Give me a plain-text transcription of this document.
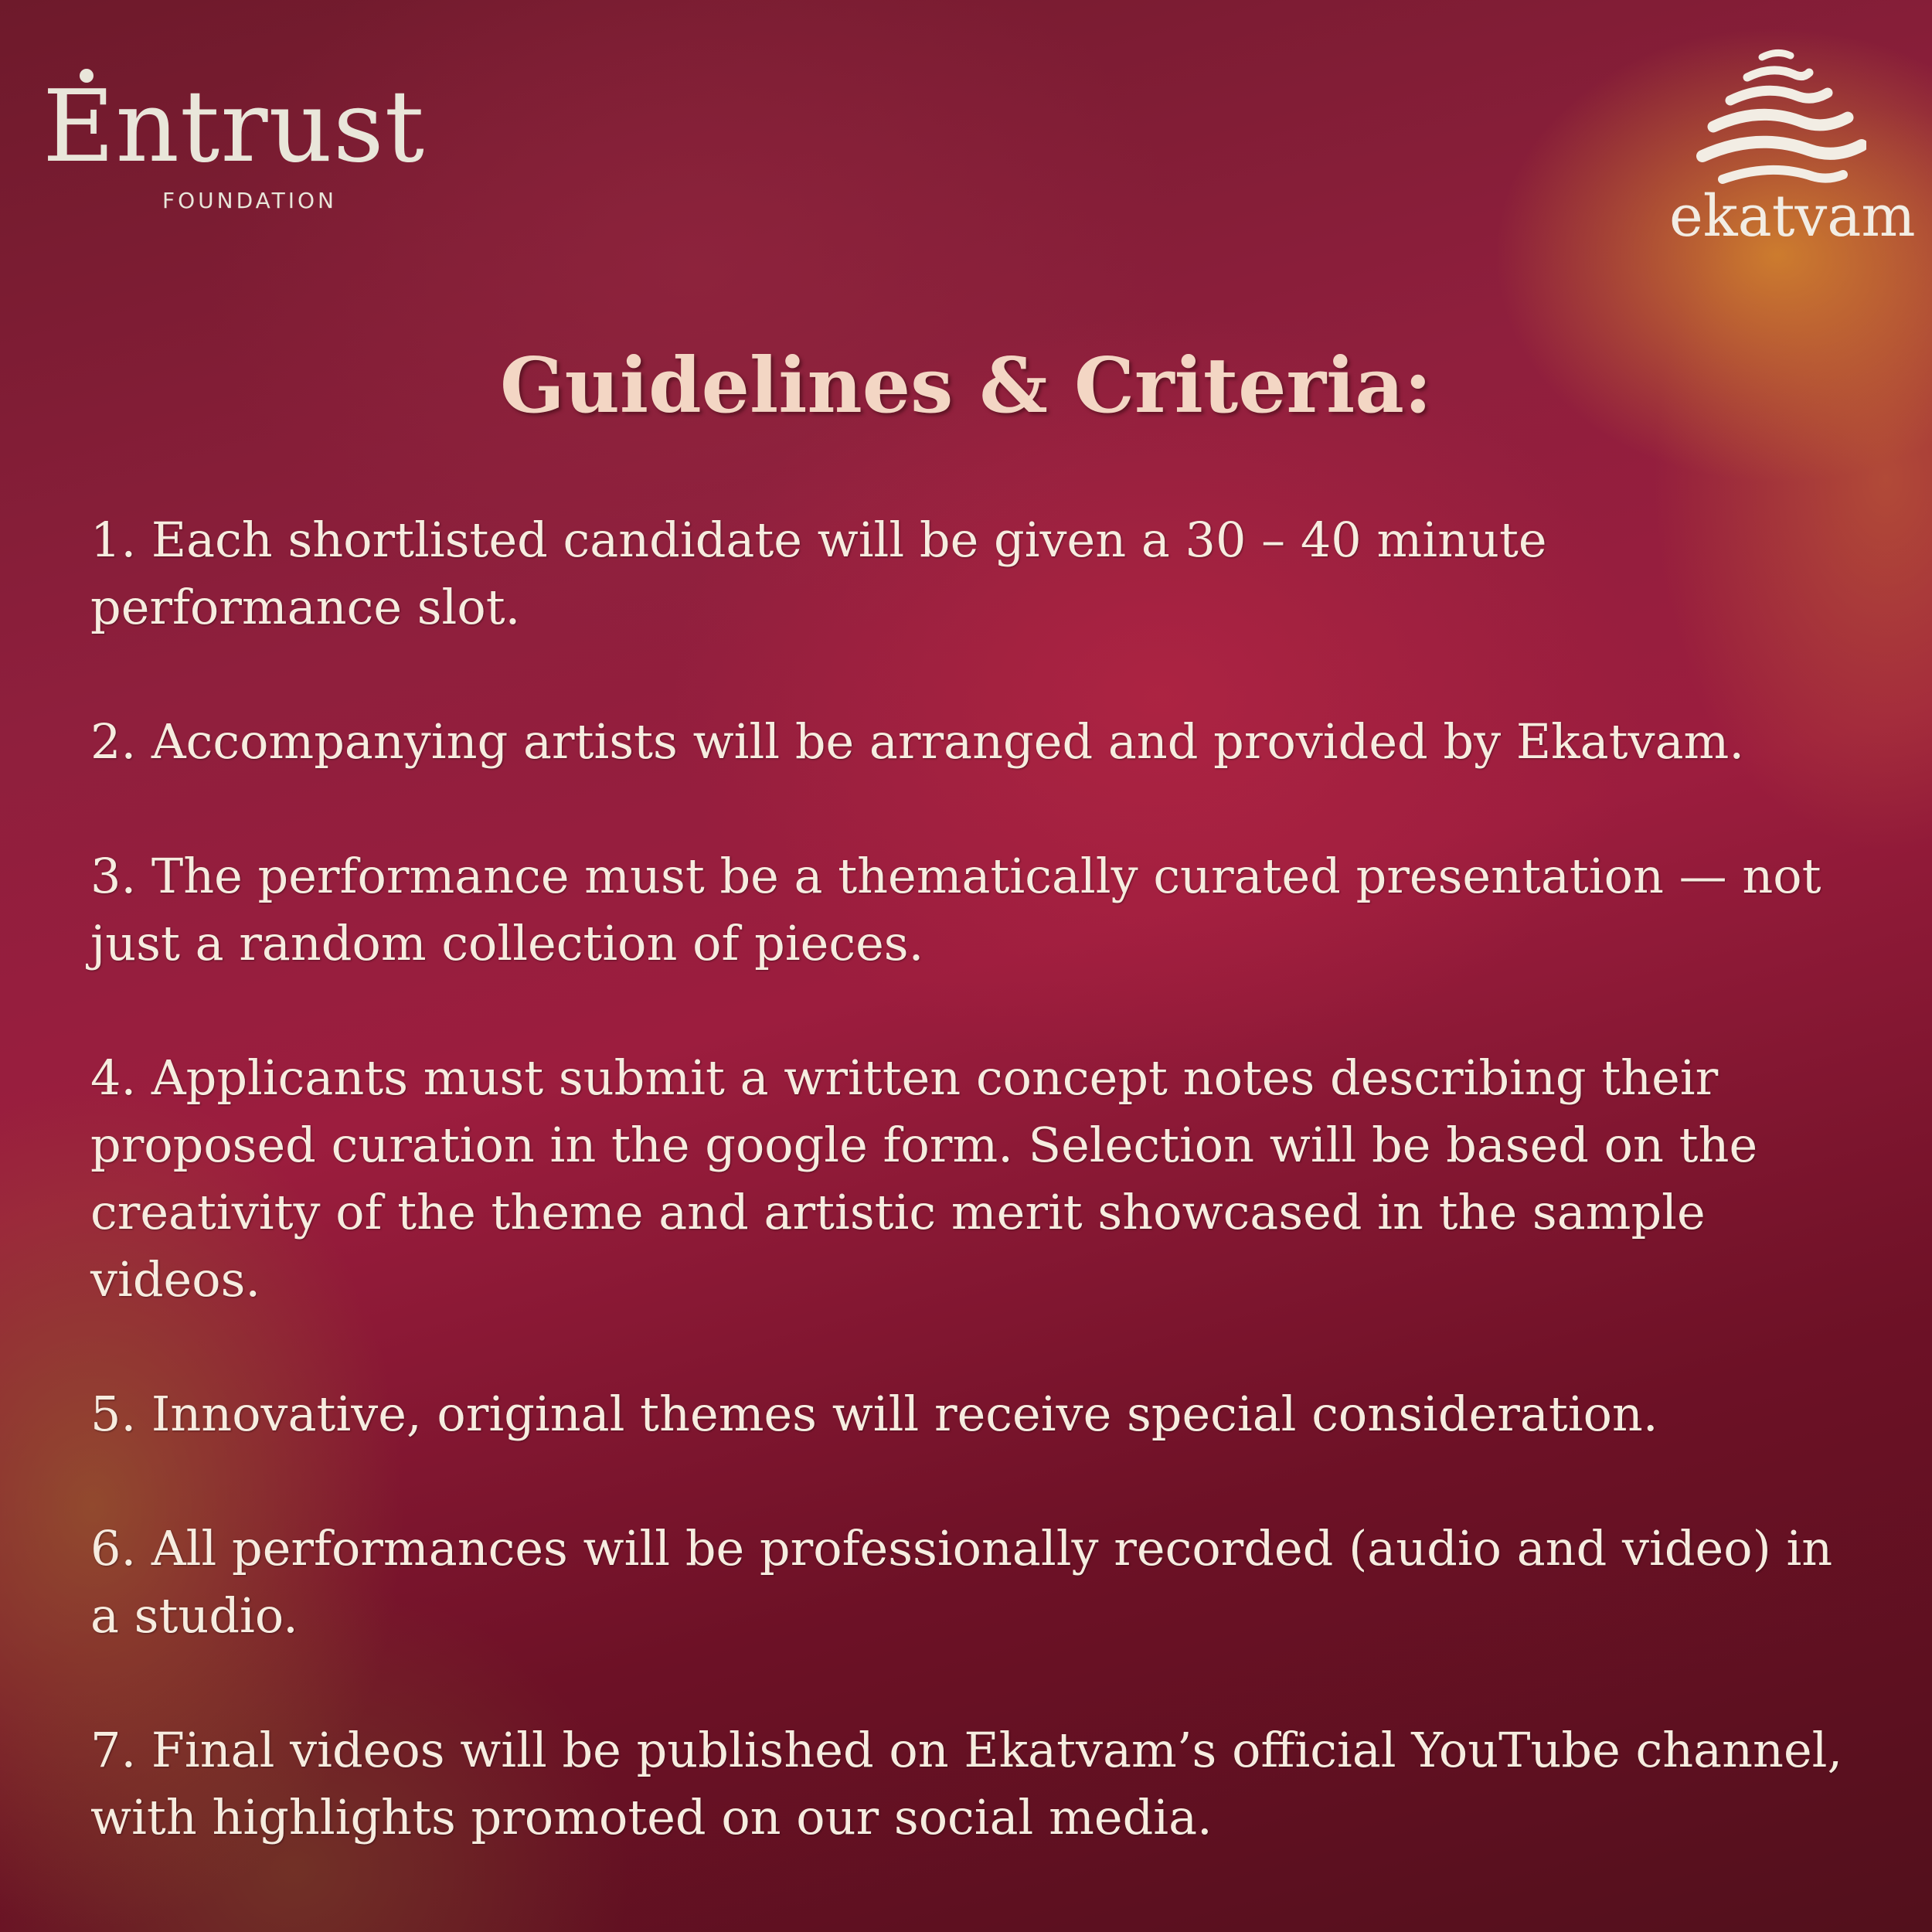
Entrust
FOUNDATION	ekatvam
Guidelines & Criteria:
1. Each shortlisted candidate will be given a 30 – 40 minute performance slot.
2. Accompanying artists will be arranged and provided by Ekatvam.
3. The performance must be a thematically curated presentation — not just a random collection of pieces.
4. Applicants must submit a written concept notes describing their proposed curation in the google form. Selection will be based on the creativity of the theme and artistic merit showcased in the sample videos.
5. Innovative, original themes will receive special consideration.
6. All performances will be professionally recorded (audio and video) in a studio.
7. Final videos will be published on Ekatvam’s official YouTube channel, with highlights promoted on our social media.
